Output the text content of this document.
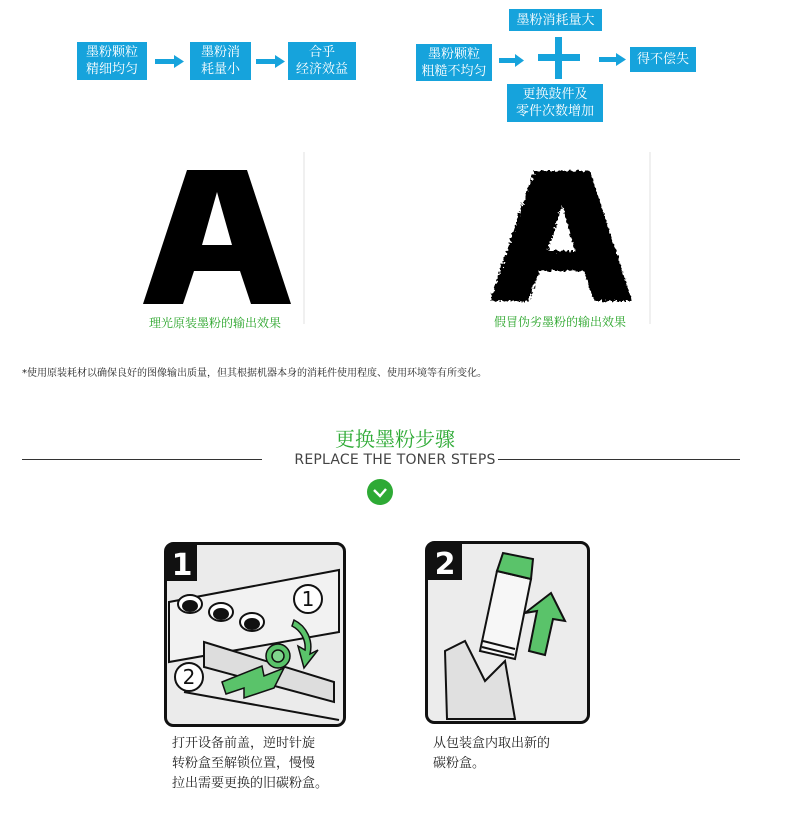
墨粉颗粒
精细均匀
墨粉消
耗量小
合乎
经济效益
墨粉颗粒
粗糙不均匀
墨粉消耗量大
更换鼓件及
零件次数增加
得不偿失
理光原装墨粉的输出效果	假冒伪劣墨粉的输出效果
*使用原装耗材以确保良好的图像输出质量，但其根据机器本身的消耗件使用程度、使用环境等有所变化。
更换墨粉步骤
REPLACE THE TONER STEPS
1
2
1
打开设备前盖，逆时针旋
转粉盒至解锁位置，慢慢
拉出需要更换的旧碳粉盒。
2
从包装盒内取出新的
碳粉盒。
